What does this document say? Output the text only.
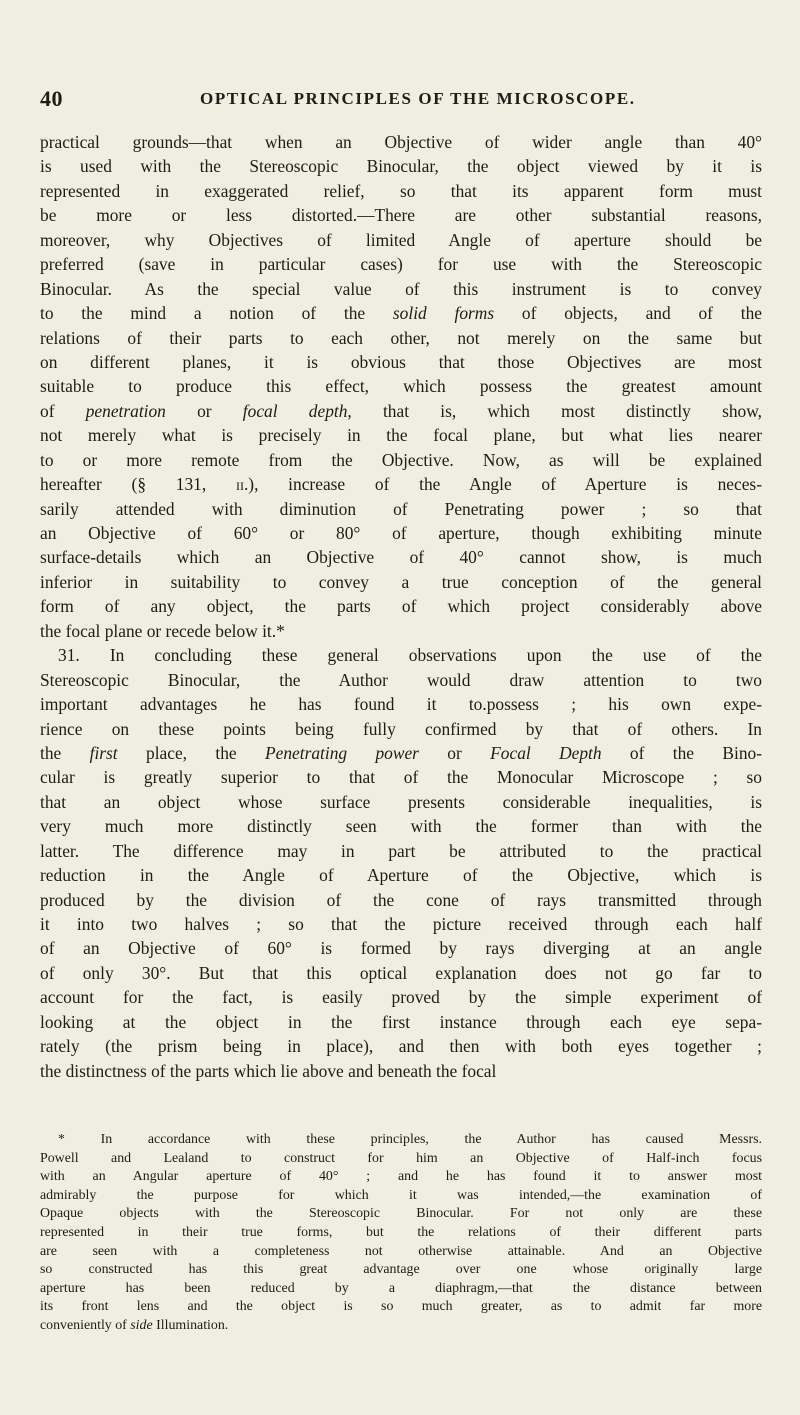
40	OPTICAL PRINCIPLES OF THE MICROSCOPE.
practical grounds—that when an Objective of wider angle than 40°
is used with the Stereoscopic Binocular, the object viewed by it is
represented in exaggerated relief, so that its apparent form must
be more or less distorted.—There are other substantial reasons,
moreover, why Objectives of limited Angle of aperture should be
preferred (save in particular cases) for use with the Stereoscopic
Binocular. As the special value of this instrument is to convey
to the mind a notion of the solid forms of objects, and of the
relations of their parts to each other, not merely on the same but
on different planes, it is obvious that those Objectives are most
suitable to produce this effect, which possess the greatest amount
of penetration or focal depth, that is, which most distinctly show,
not merely what is precisely in the focal plane, but what lies nearer
to or more remote from the Objective. Now, as will be explained
hereafter (§ 131, ii.), increase of the Angle of Aperture is neces-
sarily attended with diminution of Penetrating power ; so that
an Objective of 60° or 80° of aperture, though exhibiting minute
surface-details which an Objective of 40° cannot show, is much
inferior in suitability to convey a true conception of the general
form of any object, the parts of which project considerably above
the focal plane or recede below it.*
31. In concluding these general observations upon the use of the
Stereoscopic Binocular, the Author would draw attention to two
important advantages he has found it to.possess ; his own expe-
rience on these points being fully confirmed by that of others. In
the first place, the Penetrating power or Focal Depth of the Bino-
cular is greatly superior to that of the Monocular Microscope ; so
that an object whose surface presents considerable inequalities, is
very much more distinctly seen with the former than with the
latter. The difference may in part be attributed to the practical
reduction in the Angle of Aperture of the Objective, which is
produced by the division of the cone of rays transmitted through
it into two halves ; so that the picture received through each half
of an Objective of 60° is formed by rays diverging at an angle
of only 30°. But that this optical explanation does not go far to
account for the fact, is easily proved by the simple experiment of
looking at the object in the first instance through each eye sepa-
rately (the prism being in place), and then with both eyes together ;
the distinctness of the parts which lie above and beneath the focal
* In accordance with these principles, the Author has caused Messrs.
Powell and Lealand to construct for him an Objective of Half-inch focus
with an Angular aperture of 40° ; and he has found it to answer most
admirably the purpose for which it was intended,—the examination of
Opaque objects with the Stereoscopic Binocular. For not only are these
represented in their true forms, but the relations of their different parts
are seen with a completeness not otherwise attainable. And an Objective
so constructed has this great advantage over one whose originally large
aperture has been reduced by a diaphragm,—that the distance between
its front lens and the object is so much greater, as to admit far more
conveniently of side Illumination.
